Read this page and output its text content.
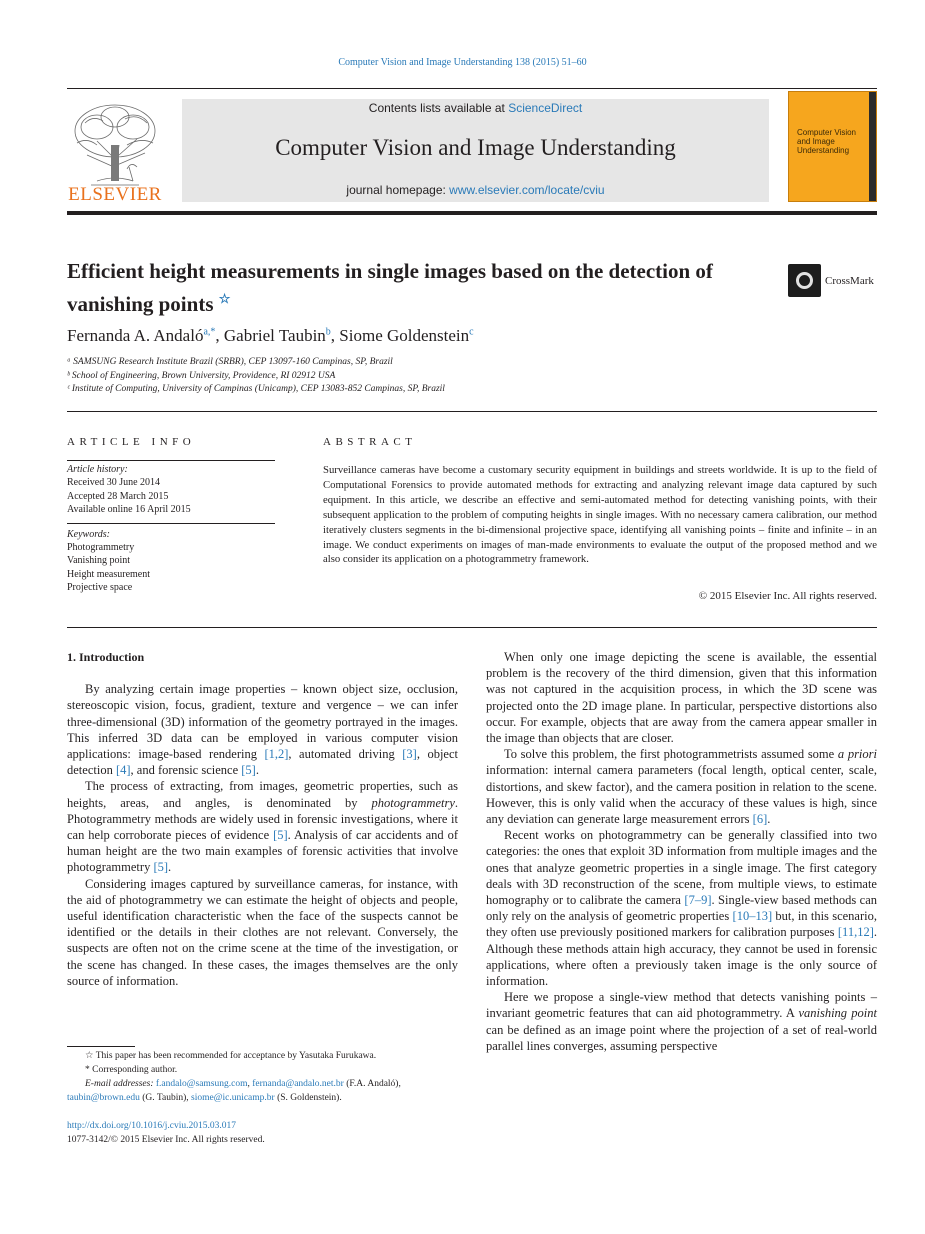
Computer Vision and Image Understanding 138 (2015) 51–60
ELSEVIER
Contents lists available at ScienceDirect
Computer Vision and Image Understanding
journal homepage: www.elsevier.com/locate/cviu
Computer Vision and Image Understanding
Efficient height measurements in single images based on the detection of vanishing points ☆
CrossMark
Fernanda A. Andaló$^{a,*}$, Gabriel Taubin$^b$, Siome Goldenstein$^c$
ᵃ SAMSUNG Research Institute Brazil (SRBR), CEP 13097-160 Campinas, SP, Brazil
ᵇ School of Engineering, Brown University, Providence, RI 02912 USA
ᶜ Institute of Computing, University of Campinas (Unicamp), CEP 13083-852 Campinas, SP, Brazil
ARTICLE INFO	ABSTRACT
Article history:
Received 30 June 2014
Accepted 28 March 2015
Available online 16 April 2015
Keywords:
Photogrammetry
Vanishing point
Height measurement
Projective space
Surveillance cameras have become a customary security equipment in buildings and streets worldwide. It is up to the field of Computational Forensics to provide automated methods for extracting and analyzing relevant image data captured by such equipment. In this article, we describe an effective and semi-automated method for detecting vanishing points, with their subsequent application to the problem of computing heights in single images. With no necessary camera calibration, our method iteratively clusters segments in the bi-dimensional projective space, identifying all vanishing points – finite and infinite – in an image. We conduct experiments on images of man-made environments to evaluate the output of the proposed method and we also consider its application on a photogrammetry framework.
© 2015 Elsevier Inc. All rights reserved.
1. Introduction

By analyzing certain image properties – known object size, occlusion, stereoscopic vision, focus, gradient, texture and vergence – we can infer three-dimensional (3D) information of the geometry portrayed in the images. This inferred 3D data can be employed in various computer vision applications: image-based rendering [1,2], automated driving [3], object detection [4], and forensic science [5].

The process of extracting, from images, geometric properties, such as heights, areas, and angles, is denominated by photogrammetry. Photogrammetry methods are widely used in forensic investigations, where it can help corroborate pieces of evidence [5]. Analysis of car accidents and of human height are the two main examples of forensic activities that involve photogrammetry [5].

Considering images captured by surveillance cameras, for instance, with the aid of photogrammetry we can estimate the height of objects and people, useful identification characteristic when the face of the suspects cannot be identified or the details in their clothes are not relevant. Conversely, the suspects are often not on the crime scene at the time of the investigation, or the scene has changed. In these cases, the images themselves are the only source of information.

When only one image depicting the scene is available, the essential problem is the recovery of the third dimension, given that this information was not captured in the acquisition process, in which the 3D scene was projected onto the 2D image plane. In particular, perspective distortions also occur. For example, objects that are away from the camera appear smaller in the image than objects that are closer.

To solve this problem, the first photogrammetrists assumed some a priori information: internal camera parameters (focal length, optical center, scale, distortions, and skew factor), and the camera position in relation to the scene. However, this is only valid when the accuracy of these values is high, since any deviation can generate large measurement errors [6].

Recent works on photogrammetry can be generally classified into two categories: the ones that exploit 3D information from multiple images and the ones that analyze geometric properties in a single image. The first category deals with 3D reconstruction of the scene, from multiple views, to estimate homography or to calibrate the camera [7–9]. Single-view based methods can only rely on the analysis of geometric properties [10–13] but, in this scenario, they often use previously positioned markers for calibration purposes [11,12]. Although these methods attain high accuracy, they cannot be used in forensic applications, where often a previously taken image is the only source of information.

Here we propose a single-view method that detects vanishing points – invariant geometric features that can aid photogrammetry. A vanishing point can be defined as an image point where the projection of a set of real-world parallel lines converges, assuming perspective

☆ This paper has been recommended for acceptance by Yasutaka Furukawa.
* Corresponding author.
E-mail addresses: f.andalo@samsung.com, fernanda@andalo.net.br (F.A. Andaló),
taubin@brown.edu (G. Taubin), siome@ic.unicamp.br (S. Goldenstein).
http://dx.doi.org/10.1016/j.cviu.2015.03.017
1077-3142/© 2015 Elsevier Inc. All rights reserved.
